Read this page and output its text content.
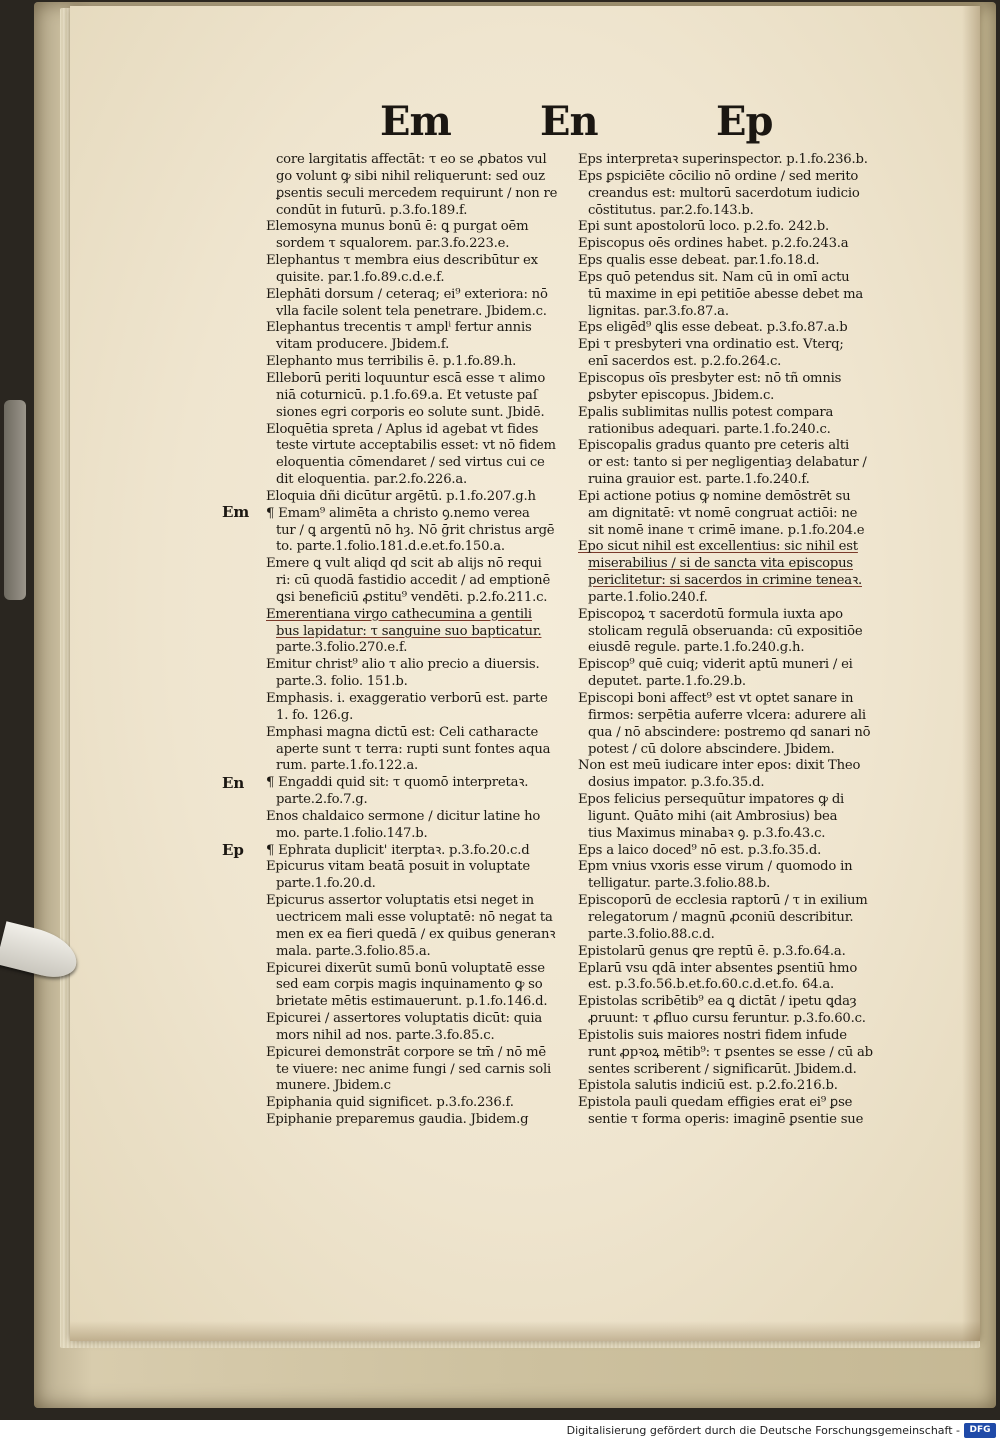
Em En	Ep
Em
En
Ep
core largitatis affectāt: τ eo se ꝓbatos vul
go volunt ꝙ sibi nihil reliquerunt: sed ouz
ꝑsentis seculi mercedem requirunt / non re
condūt in futurū. p.3.fo.189.f.
Elemosyna munus bonū ē: ꝗ purgat oēm
sordem τ squalorem. par.3.fo.223.e.
Elephantus τ membra eius describūtur ex
quisite. par.1.fo.89.c.d.e.f.
Elephāti dorsum / ceteraq; ei⁹ exteriora: nō
vlla facile solent tela penetrare. Jbidem.c.
Elephantus trecentis τ amplⁱ fertur annis
vitam producere. Jbidem.f.
Elephanto mus terribilis ē. p.1.fo.89.h.
Elleborū periti loquuntur escā esse τ alimo
niā coturnicū. p.1.fo.69.a. Et vetuste paſ
siones egri corporis eo solute sunt. Jbidē.
Eloquētia spreta / Aplus id agebat vt fides
teste virtute acceptabilis esset: vt nō fidem
eloquentia cōmendaret / sed virtus cui ce
dit eloquentia. par.2.fo.226.a.
Eloquia dñi dicūtur argētū. p.1.fo.207.g.h
¶ Emam⁹ alimēta a christo ꝯ.nemo verea
tur / ꝗ argentū nō hȝ. Nō ḡrit christus argē
to. parte.1.folio.181.d.e.et.fo.150.a.
Emere ꝗ vult aliqd qd scit ab alijs nō requi
ri: cū quodā fastidio accedit / ad emptionē
ꝗsi beneficiū ꝓstitu⁹ vendēti. p.2.fo.211.c.
Emerentiana virgo cathecumina a gentili
bus lapidatur: τ sanguine suo bapticatur.
parte.3.folio.270.e.f.
Emitur christ⁹ alio τ alio precio a diuersis.
parte.3. folio. 151.b.
Emphasis. i. exaggeratio verborū est. parte
1. fo. 126.g.
Emphasi magna dictū est: Celi catharacte
aperte sunt τ terra: rupti sunt fontes aqua
rum. parte.1.fo.122.a.
¶ Engaddi quid sit: τ quomō interpretaꝛ.
parte.2.fo.7.g.
Enos chaldaico sermone / dicitur latine ho
mo. parte.1.folio.147.b.
¶ Ephrata duplicit' iterptaꝛ. p.3.fo.20.c.d
Epicurus vitam beatā posuit in voluptate
parte.1.fo.20.d.
Epicurus assertor voluptatis etsi neget in
uectricem mali esse voluptatē: nō negat ta
men ex ea fieri quedā / ex quibus generanꝛ
mala. parte.3.folio.85.a.
Epicurei dixerūt sumū bonū voluptatē esse
sed eam corpis magis inquinamento ꝙ so
brietate mētis estimauerunt. p.1.fo.146.d.
Epicurei / assertores voluptatis dicūt: quia
mors nihil ad nos. parte.3.fo.85.c.
Epicurei demonstrāt corpore se tm̄ / nō mē
te viuere: nec anime fungi / sed carnis soli
munere. Jbidem.c
Epiphania quid significet. p.3.fo.236.f.
Epiphanie preparemus gaudia. Jbidem.g
Eps interpretaꝛ superinspector. p.1.fo.236.b.
Eps ꝑspiciēte cōcilio nō ordine / sed merito
creandus est: multorū sacerdotum iudicio
cōstitutus. par.2.fo.143.b.
Epi sunt apostolorū loco. p.2.fo. 242.b.
Episcopus oēs ordines habet. p.2.fo.243.a
Eps qualis esse debeat. par.1.fo.18.d.
Eps quō petendus sit. Nam cū in omī actu
tū maxime in epi petitiōe abesse debet ma
lignitas. par.3.fo.87.a.
Eps eligēd⁹ ꝗlis esse debeat. p.3.fo.87.a.b
Epi τ presbyteri vna ordinatio est. Vterq;
enī sacerdos est. p.2.fo.264.c.
Episcopus oīs presbyter est: nō tñ omnis
ꝑsbyter episcopus. Jbidem.c.
Epalis sublimitas nullis potest compara
rationibus adequari. parte.1.fo.240.c.
Episcopalis gradus quanto pre ceteris alti
or est: tanto si per negligentiaȝ delabatur /
ruina grauior est. parte.1.fo.240.f.
Epi actione potius ꝙ nomine demōstrēt su
am dignitatē: vt nomē congruat actiōi: ne
sit nomē inane τ crimē imane. p.1.fo.204.e
Epo sicut nihil est excellentius: sic nihil est
miserabilius / si de sancta vita episcopus
periclitetur: si sacerdos in crimine teneaꝛ.
parte.1.folio.240.f.
Episcopoꝝ τ sacerdotū formula iuxta apo
stolicam regulā obseruanda: cū expositiōe
eiusdē regule. parte.1.fo.240.g.h.
Episcop⁹ quē cuiq; viderit aptū muneri / ei
deputet. parte.1.fo.29.b.
Episcopi boni affect⁹ est vt optet sanare in
firmos: serpētia auferre vlcera: adurere ali
qua / nō abscindere: postremo qd sanari nō
potest / cū dolore abscindere. Jbidem.
Non est meū iudicare inter epos: dixit Theo
dosius impator. p.3.fo.35.d.
Epos felicius persequūtur impatores ꝙ di
ligunt. Quāto mihi (ait Ambrosius) bea
tius Maximus minabaꝛ ꝯ. p.3.fo.43.c.
Eps a laico doced⁹ nō est. p.3.fo.35.d.
Epm vnius vxoris esse virum / quomodo in
telligatur. parte.3.folio.88.b.
Episcoporū de ecclesia raptorū / τ in exilium
relegatorum / magnū ꝓconiū describitur.
parte.3.folio.88.c.d.
Epistolarū genus ꝗre reptū ē. p.3.fo.64.a.
Eplarū vsu qdā inter absentes ꝑsentiū hmo
est. p.3.fo.56.b.et.fo.60.c.d.et.fo. 64.a.
Epistolas scribētib⁹ ea ꝗ dictāt / ipetu ꝗdaȝ
ꝓruunt: τ ꝓfluo cursu feruntur. p.3.fo.60.c.
Epistolis suis maiores nostri fidem infude
runt ꝓpꝛoꝝ mētib⁹: τ ꝑsentes se esse / cū ab
sentes scriberent / significarūt. Jbidem.d.
Epistola salutis indiciū est. p.2.fo.216.b.
Epistola pauli quedam effigies erat ei⁹ ꝑse
sentie τ forma operis: imaginē ꝑsentie sue
Digitalisierung gefördert durch die Deutsche Forschungsgemeinschaft -	DFG
